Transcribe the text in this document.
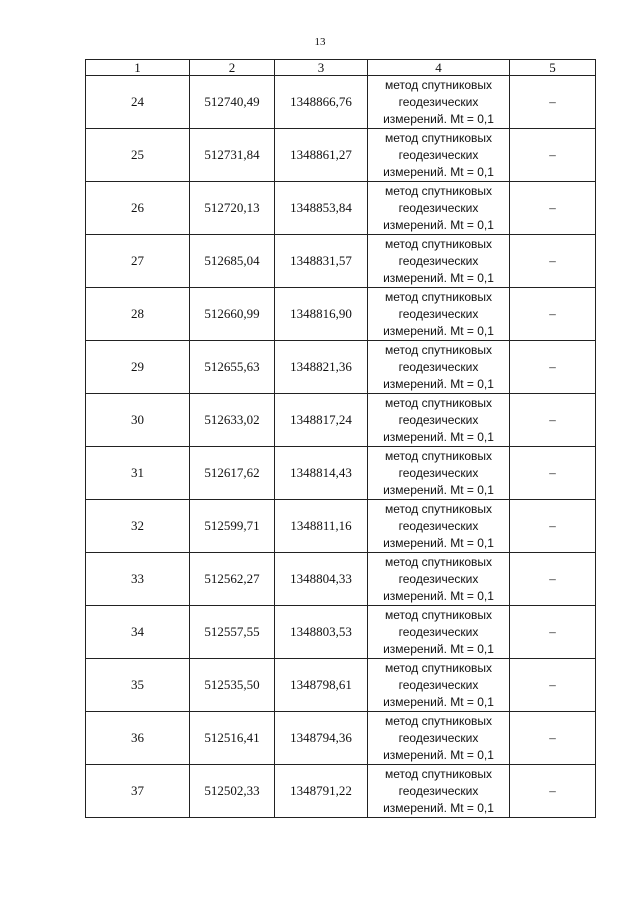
13
1	2	3	4	5
24	512740,49	1348866,76	метод спутниковых
геодезических
измерений. Mt = 0,1	–
25	512731,84	1348861,27	метод спутниковых
геодезических
измерений. Mt = 0,1	–
26	512720,13	1348853,84	метод спутниковых
геодезических
измерений. Mt = 0,1	–
27	512685,04	1348831,57	метод спутниковых
геодезических
измерений. Mt = 0,1	–
28	512660,99	1348816,90	метод спутниковых
геодезических
измерений. Mt = 0,1	–
29	512655,63	1348821,36	метод спутниковых
геодезических
измерений. Mt = 0,1	–
30	512633,02	1348817,24	метод спутниковых
геодезических
измерений. Mt = 0,1	–
31	512617,62	1348814,43	метод спутниковых
геодезических
измерений. Mt = 0,1	–
32	512599,71	1348811,16	метод спутниковых
геодезических
измерений. Mt = 0,1	–
33	512562,27	1348804,33	метод спутниковых
геодезических
измерений. Mt = 0,1	–
34	512557,55	1348803,53	метод спутниковых
геодезических
измерений. Mt = 0,1	–
35	512535,50	1348798,61	метод спутниковых
геодезических
измерений. Mt = 0,1	–
36	512516,41	1348794,36	метод спутниковых
геодезических
измерений. Mt = 0,1	–
37	512502,33	1348791,22	метод спутниковых
геодезических
измерений. Mt = 0,1	–
